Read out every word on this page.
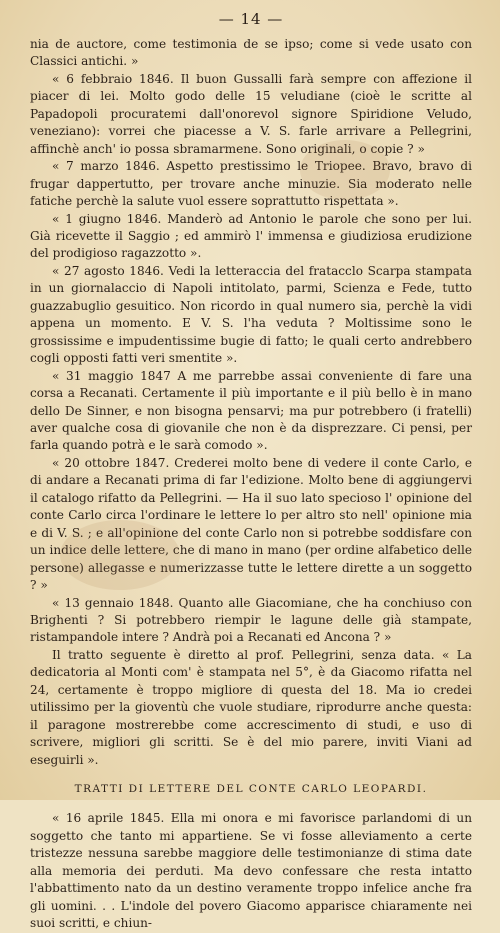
— 14 —

nia de auctore, come testimonia de se ipso; come si vede usato con Classici antichi. »

« 6 febbraio 1846. Il buon Gussalli farà sempre con affezione il piacer di lei. Molto godo delle 15 veludiane (cioè le scritte al Papadopoli procuratemi dall'onorevol signore Spiridione Veludo, veneziano): vorrei che piacesse a V. S. farle arrivare a Pellegrini, affinchè anch' io possa sbramarmene. Sono originali, o copie ? »

« 7 marzo 1846. Aspetto prestissimo le Triopee. Bravo, bravo di frugar dappertutto, per trovare anche minuzie. Sia moderato nelle fatiche perchè la salute vuol essere soprattutto rispettata ».

« 1 giugno 1846. Manderò ad Antonio le parole che sono per lui. Già ricevette il Saggio ; ed ammirò l' immensa e giudiziosa erudizione del prodigioso ragazzotto ».

« 27 agosto 1846. Vedi la letteraccia del fratacclo Scarpa stampata in un giornalaccio di Napoli intitolato, parmi, Scienza e Fede, tutto guazzabuglio gesuitico. Non ricordo in qual numero sia, perchè la vidi appena un momento. E V. S. l'ha veduta ? Moltissime sono le grossissime e impudentissime bugie di fatto; le quali certo andrebbero cogli opposti fatti veri smentite ».

« 31 maggio 1847 A me parrebbe assai conveniente di fare una corsa a Recanati. Certamente il più importante e il più bello è in mano dello De Sinner, e non bisogna pensarvi; ma pur potrebbero (i fratelli) aver qualche cosa di giovanile che non è da disprezzare. Ci pensi, per farla quando potrà e le sarà comodo ».

« 20 ottobre 1847. Crederei molto bene di vedere il conte Carlo, e di andare a Recanati prima di far l'edizione. Molto bene di aggiungervi il catalogo rifatto da Pellegrini. — Ha il suo lato specioso l' opinione del conte Carlo circa l'ordinare le lettere lo per altro sto nell' opinione mia e di V. S. ; e all'opinione del conte Carlo non si potrebbe soddisfare con un indice delle lettere, che di mano in mano (per ordine alfabetico delle persone) allegasse e numerizzasse tutte le lettere dirette a un soggetto ? »

« 13 gennaio 1848. Quanto alle Giacomiane, che ha conchiuso con Brighenti ? Si potrebbero riempir le lagune delle già stampate, ristampandole intere ? Andrà poi a Recanati ed Ancona ? »

Il tratto seguente è diretto al prof. Pellegrini, senza data. « La dedicatoria al Monti com' è stampata nel 5°, è da Giacomo rifatta nel 24, certamente è troppo migliore di questa del 18. Ma io credei utilissimo per la gioventù che vuole studiare, riprodurre anche questa: il paragone mostrerebbe come accrescimento di studi, e uso di scrivere, migliori gli scritti. Se è del mio parere, inviti Viani ad eseguirli ».

TRATTI DI LETTERE DEL CONTE CARLO LEOPARDI.

« 16 aprile 1845. Ella mi onora e mi favorisce parlandomi di un soggetto che tanto mi appartiene. Se vi fosse alleviamento a certe tristezze nessuna sarebbe maggiore delle testimonianze di stima date alla memoria dei perduti. Ma devo confessare che resta intatto l'abbattimento nato da un destino veramente troppo infelice anche fra gli uomini. . . L'indole del povero Giacomo apparisce chiaramente nei suoi scritti, e chiun-
